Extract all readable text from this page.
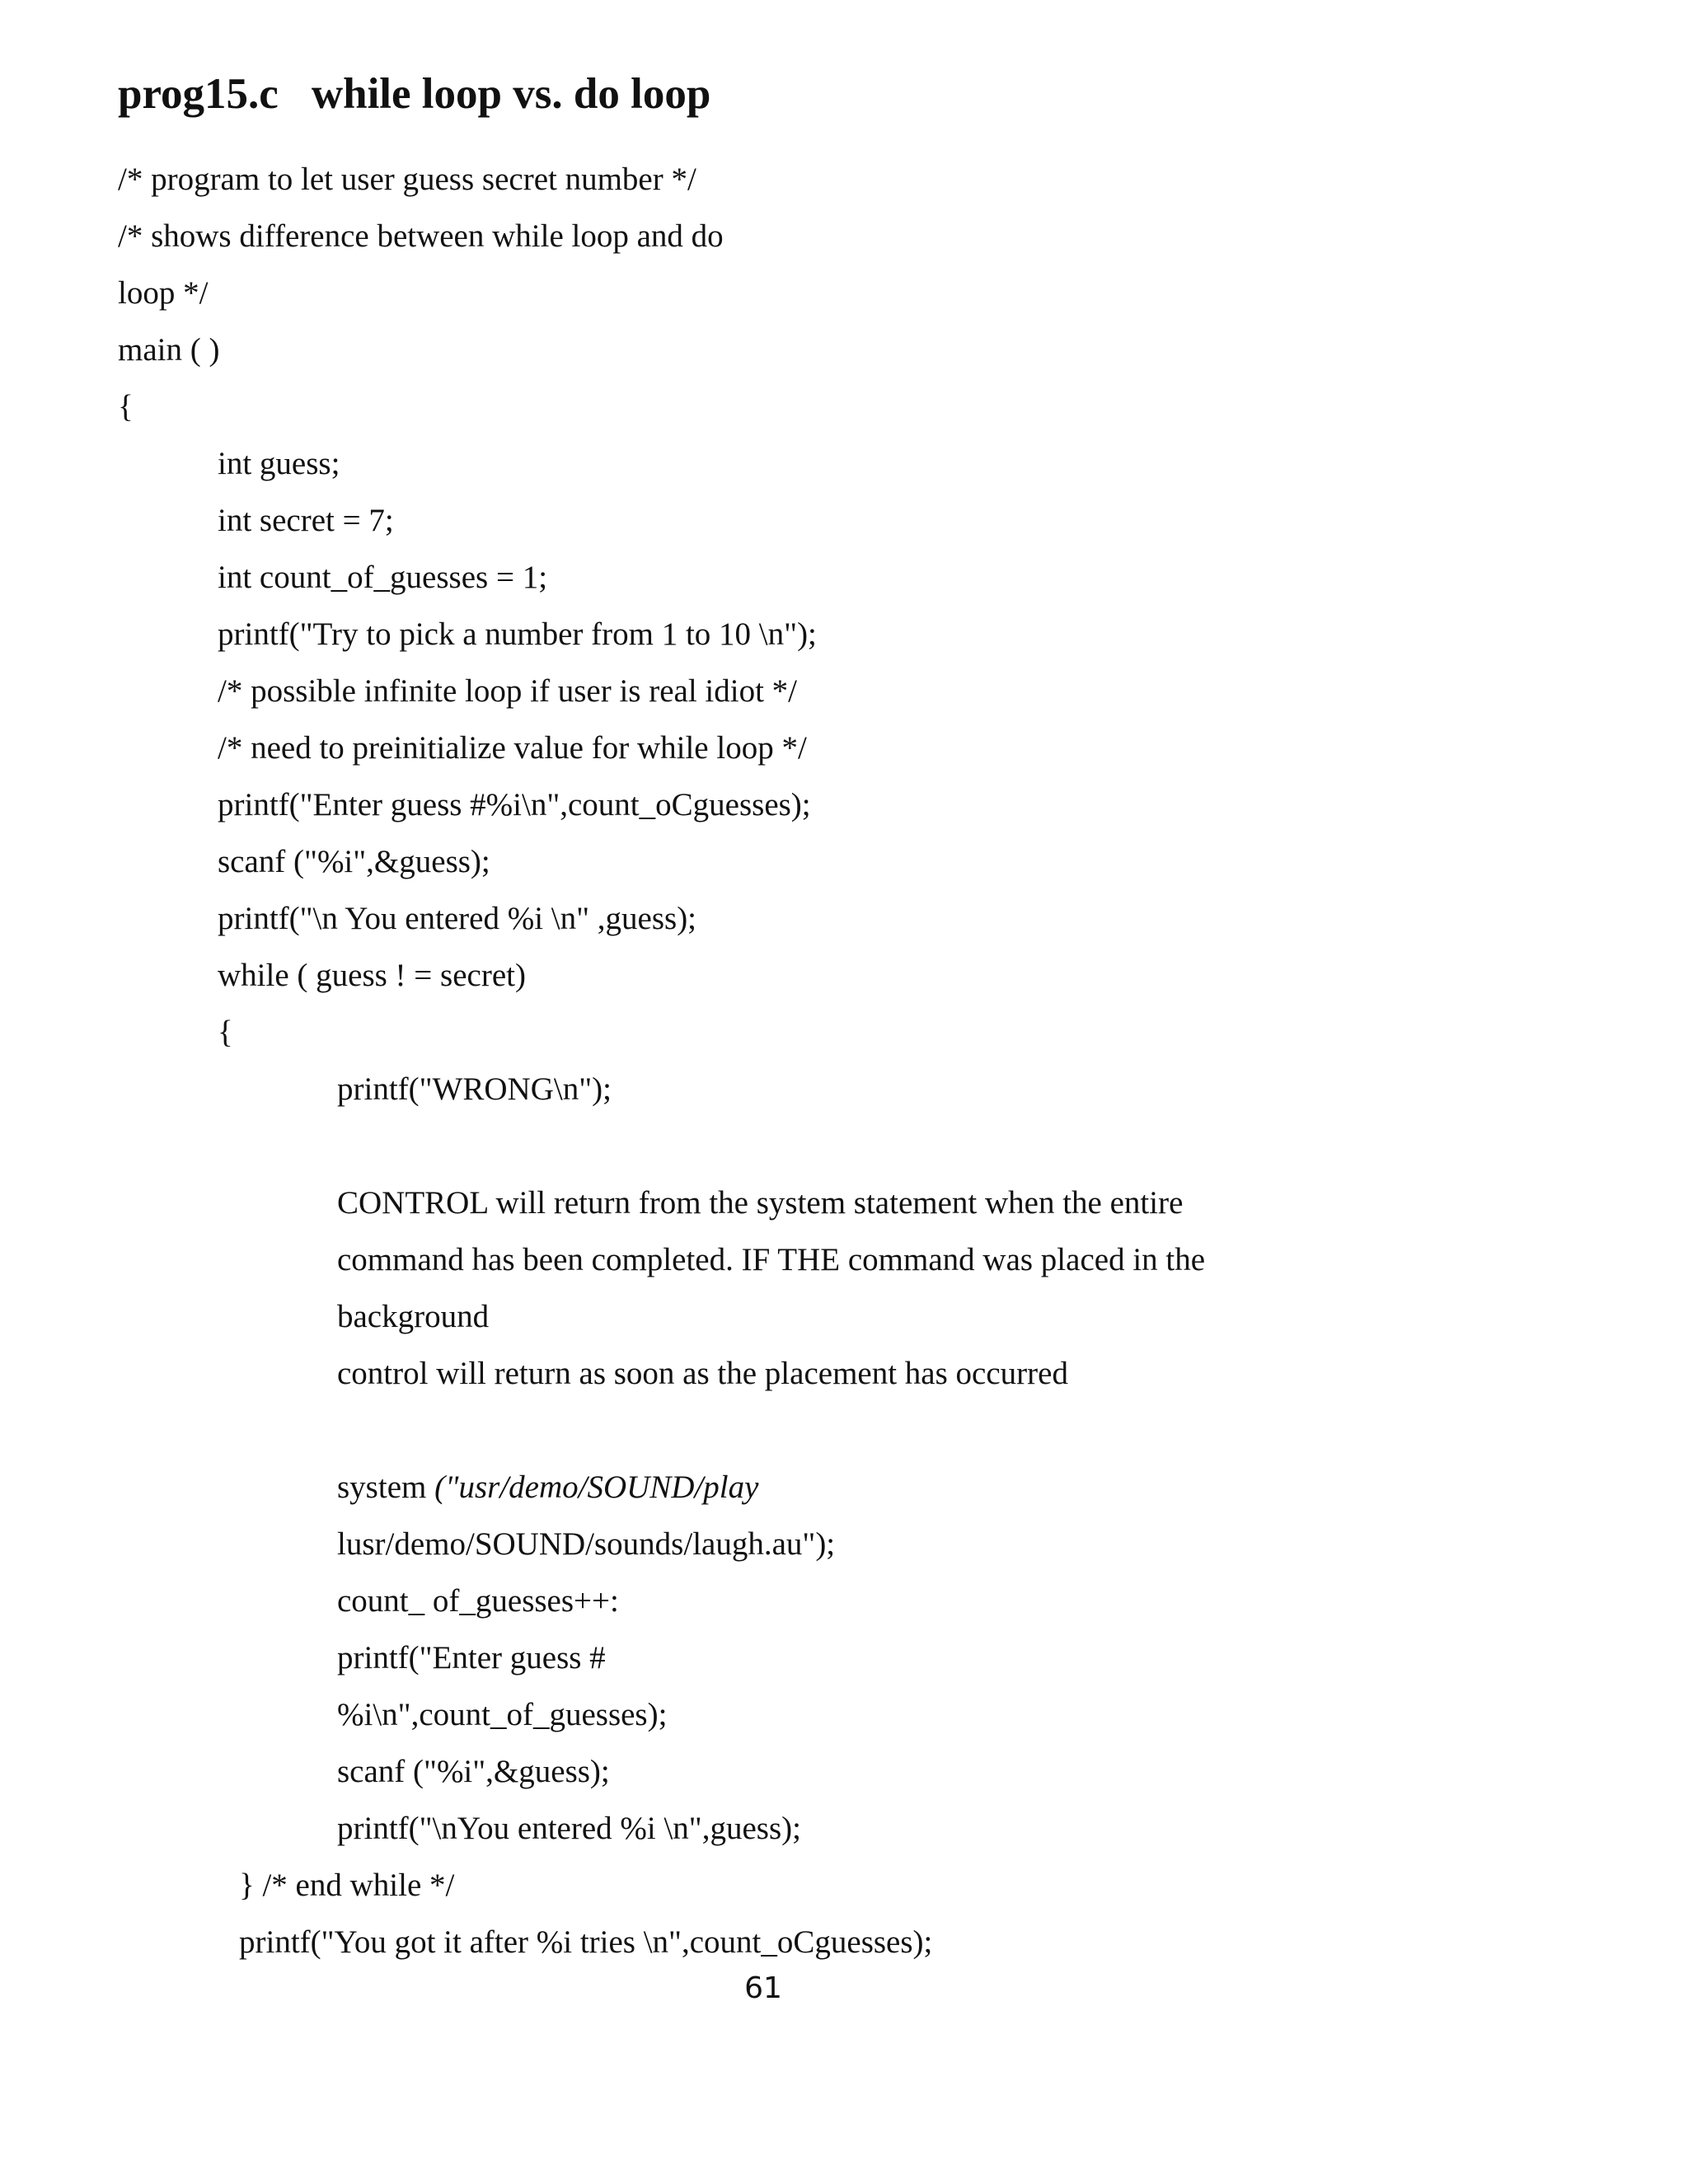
prog15.c while loop vs. do loop
/* program to let user guess secret number */
/* shows difference between while loop and do
loop */
main ( )
{
int guess;
int secret = 7;
int count_of_guesses = 1;
printf("Try to pick a number from 1 to 10 \n");
/* possible infinite loop if user is real idiot */
/* need to preinitialize value for while loop */
printf("Enter guess #%i\n",count_oCguesses);
scanf ("%i",&guess);
printf("\n You entered %i \n" ,guess);
while ( guess ! = secret)
{
printf("WRONG\n");
CONTROL will return from the system statement when the entire
command has been completed. IF THE command was placed in the
background
control will return as soon as the placement has occurred
system ("usr/demo/SOUND/play
lusr/demo/SOUND/sounds/laugh.au");
count_ of_guesses++:
printf("Enter guess #
%i\n",count_of_guesses);
scanf ("%i",&guess);
printf("\nYou entered %i \n",guess);
} /* end while */
printf("You got it after %i tries \n",count_oCguesses);
61
